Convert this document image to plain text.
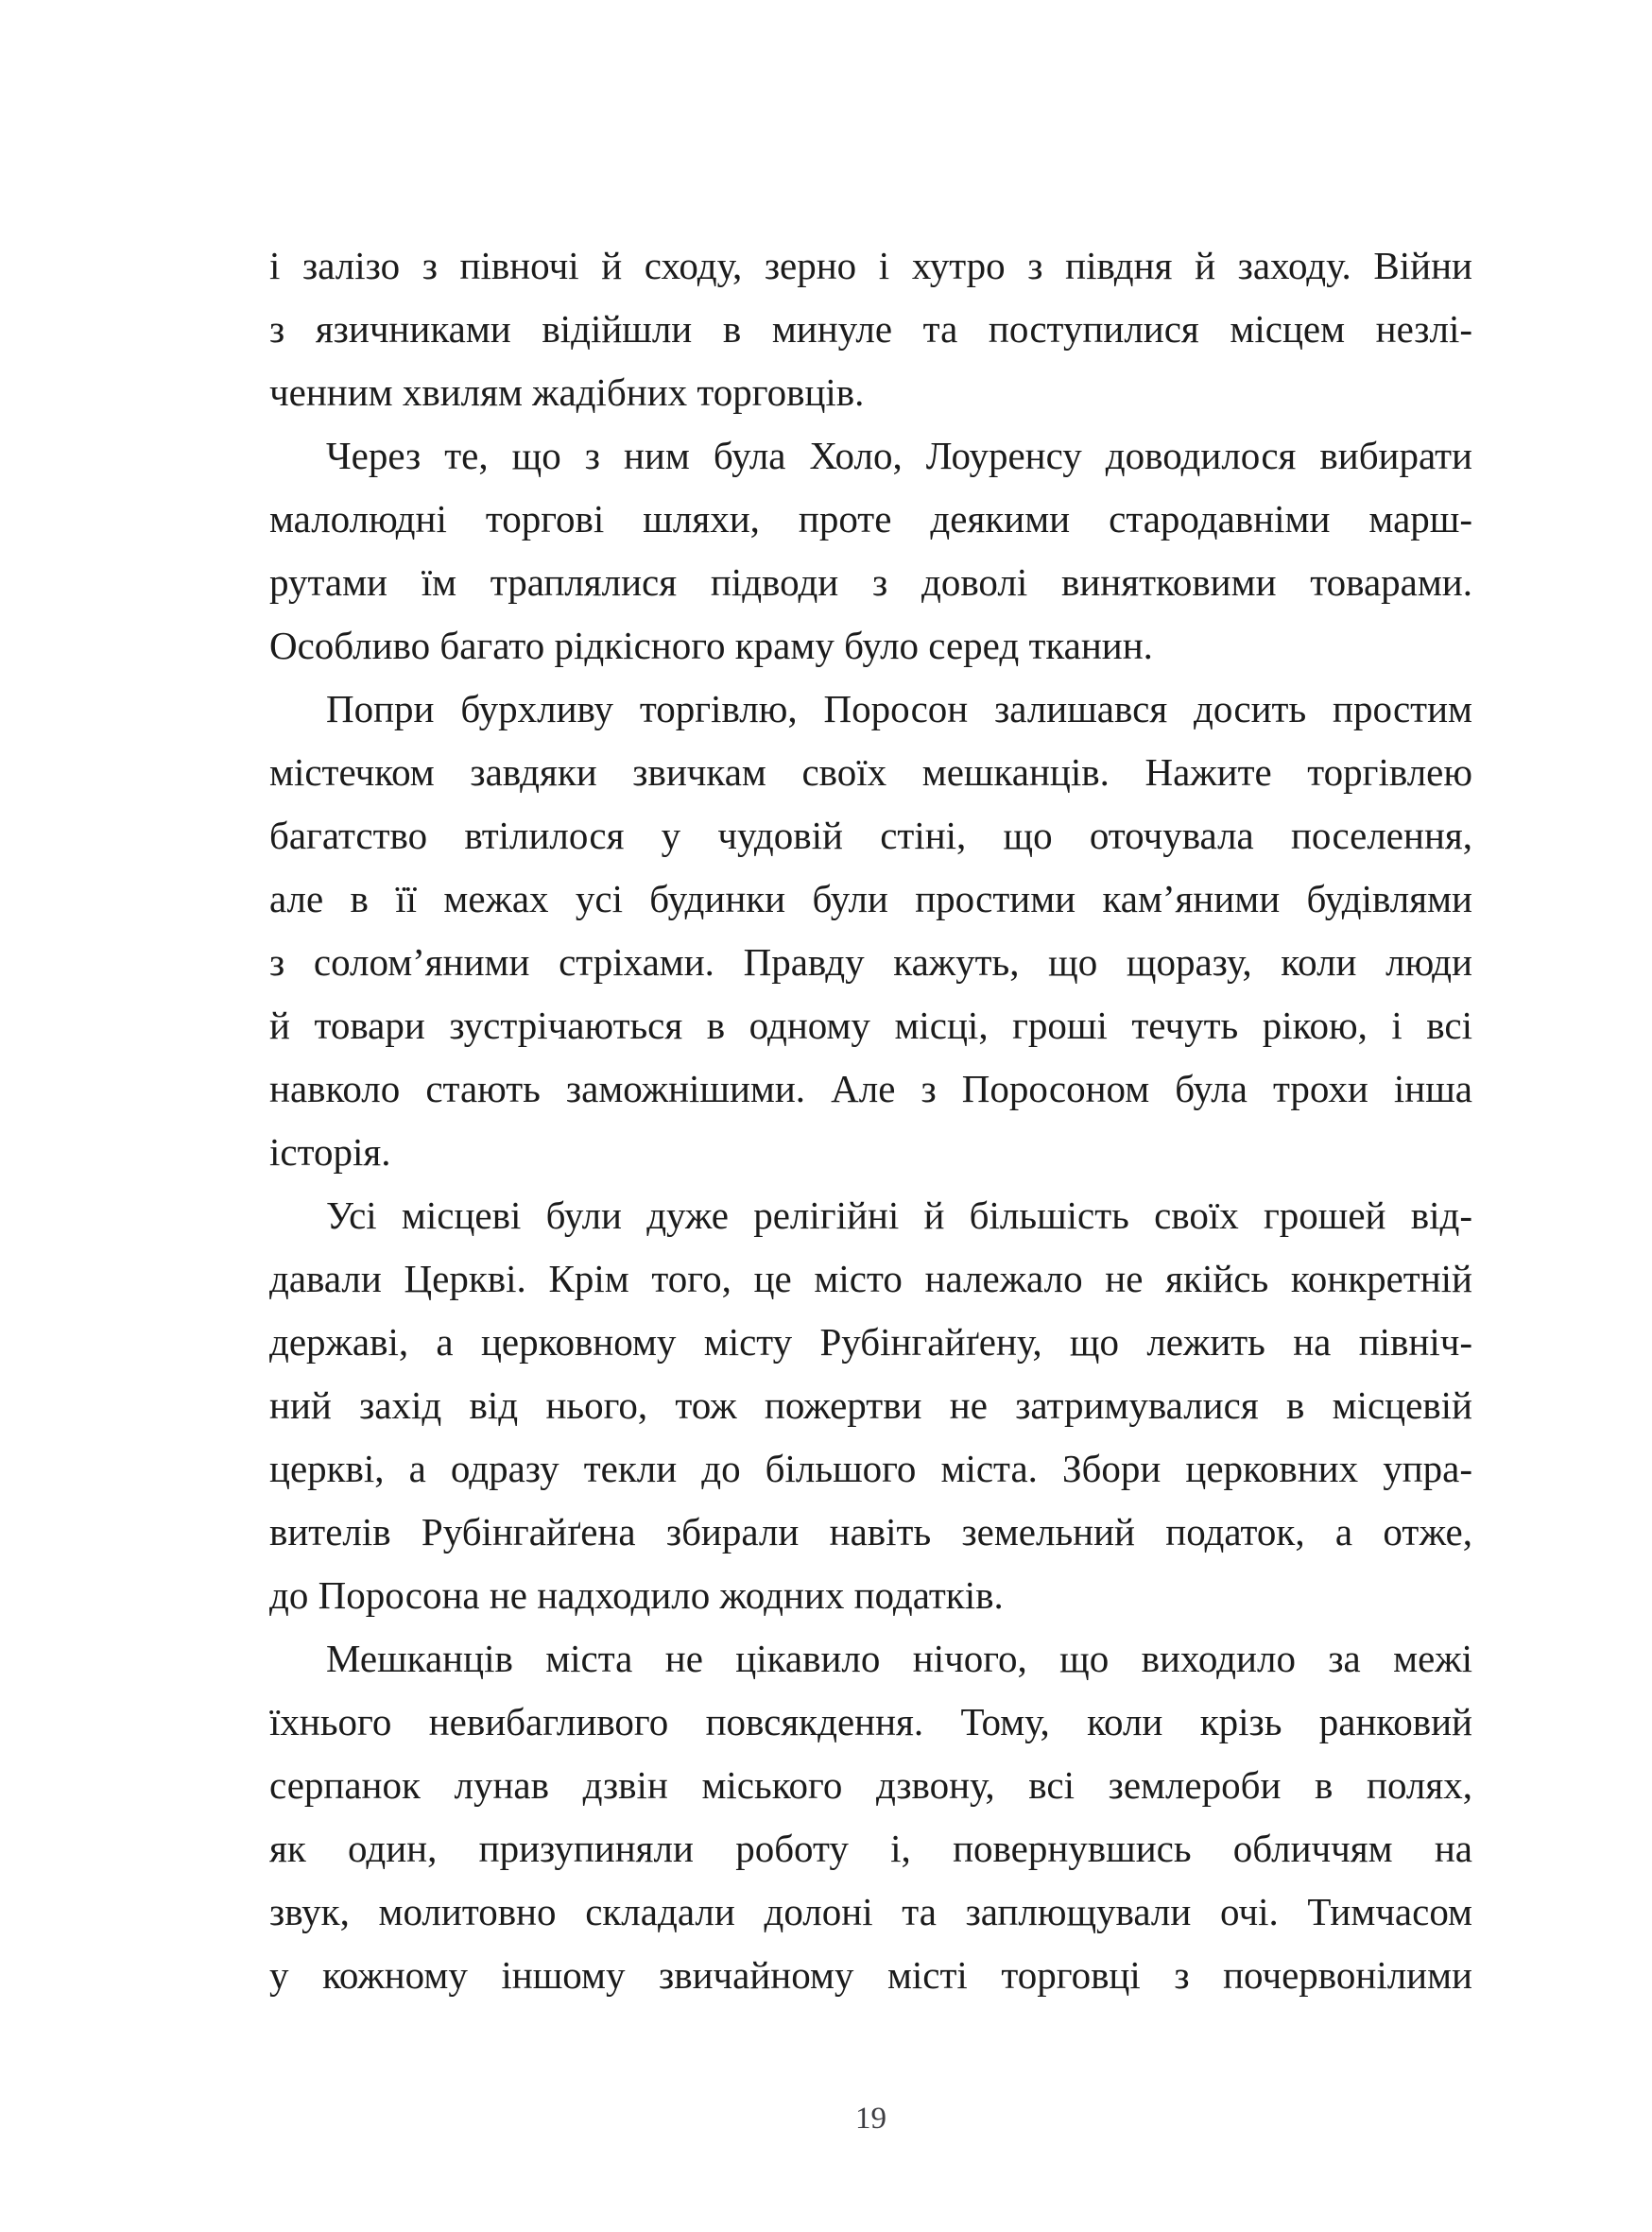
і залізо з півночі й сходу, зерно і хутро з півдня й заходу. Війни
з язичниками відійшли в минуле та поступилися місцем незлі-
ченним хвилям жадібних торговців.
Через те, що з ним була Холо, Лоуренсу доводилося вибирати
малолюдні торгові шляхи, проте деякими стародавніми марш-
рутами їм траплялися підводи з доволі винятковими товарами.
Особливо багато рідкісного краму було серед тканин.
Попри бурхливу торгівлю, Поросон залишався досить простим
містечком завдяки звичкам своїх мешканців. Нажите торгівлею
багатство втілилося у чудовій стіні, що оточувала поселення,
але в її межах усі будинки були простими кам’яними будівлями
з солом’яними стріхами. Правду кажуть, що щоразу, коли люди
й товари зустрічаються в одному місці, гроші течуть рікою, і всі
навколо стають заможнішими. Але з Поросоном була трохи інша
історія.
Усі місцеві були дуже релігійні й більшість своїх грошей від-
давали Церкві. Крім того, це місто належало не якійсь конкретній
державі, а церковному місту Рубінгайґену, що лежить на північ-
ний захід від нього, тож пожертви не затримувалися в місцевій
церкві, а одразу текли до більшого міста. Збори церковних упра-
вителів Рубінгайґена збирали навіть земельний податок, а отже,
до Поросона не надходило жодних податків.
Мешканців міста не цікавило нічого, що виходило за межі
їхнього невибагливого повсякдення. Тому, коли крізь ранковий
серпанок лунав дзвін міського дзвону, всі землероби в полях,
як один, призупиняли роботу і, повернувшись обличчям на
звук, молитовно складали долоні та заплющували очі. Тимчасом
у кожному іншому звичайному місті торговці з почервонілими
19
